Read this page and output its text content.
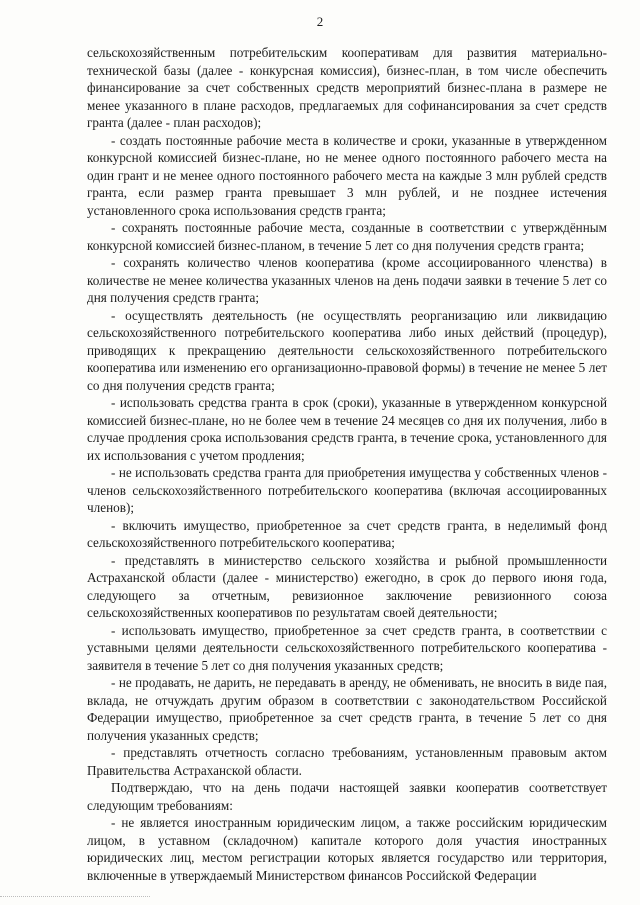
2

сельскохозяйственным потребительским кооперативам для развития материально-технической базы (далее - конкурсная комиссия), бизнес-план, в том числе обеспечить финансирование за счет собственных средств мероприятий бизнес-плана в размере не менее указанного в плане расходов, предлагаемых для софинансирования за счет средств гранта (далее - план расходов);

- создать постоянные рабочие места в количестве и сроки, указанные в утвержденном конкурсной комиссией бизнес-плане, но не менее одного постоянного рабочего места на один грант и не менее одного постоянного рабочего места на каждые 3 млн рублей средств гранта, если размер гранта превышает 3 млн рублей, и не позднее истечения установленного срока использования средств гранта;

- сохранять постоянные рабочие места, созданные в соответствии с утверждённым конкурсной комиссией бизнес-планом, в течение 5 лет со дня получения средств гранта;

- сохранять количество членов кооператива (кроме ассоциированного членства) в количестве не менее количества указанных членов на день подачи заявки в течение 5 лет со дня получения средств гранта;

- осуществлять деятельность (не осуществлять реорганизацию или ликвидацию сельскохозяйственного потребительского кооператива либо иных действий (процедур), приводящих к прекращению деятельности сельскохозяйственного потребительского кооператива или изменению его организационно-правовой формы) в течение не менее 5 лет со дня получения средств гранта;

- использовать средства гранта в срок (сроки), указанные в утвержденном конкурсной комиссией бизнес-плане, но не более чем в течение 24 месяцев со дня их получения, либо в случае продления срока использования средств гранта, в течение срока, установленного для их использования с учетом продления;

- не использовать средства гранта для приобретения имущества у собственных членов - членов сельскохозяйственного потребительского кооператива (включая ассоциированных членов);

- включить имущество, приобретенное за счет средств гранта, в неделимый фонд сельскохозяйственного потребительского кооператива;

- представлять в министерство сельского хозяйства и рыбной промышленности Астраханской области (далее - министерство) ежегодно, в срок до первого июня года, следующего за отчетным, ревизионное заключение ревизионного союза сельскохозяйственных кооперативов по результатам своей деятельности;

- использовать имущество, приобретенное за счет средств гранта, в соответствии с уставными целями деятельности сельскохозяйственного потребительского кооператива - заявителя в течение 5 лет со дня получения указанных средств;

- не продавать, не дарить, не передавать в аренду, не обменивать, не вносить в виде пая, вклада, не отчуждать другим образом в соответствии с законодательством Российской Федерации имущество, приобретенное за счет средств гранта, в течение 5 лет со дня получения указанных средств;

- представлять отчетность согласно требованиям, установленным правовым актом Правительства Астраханской области.

Подтверждаю, что на день подачи настоящей заявки кооператив соответствует следующим требованиям:

- не является иностранным юридическим лицом, а также российским юридическим лицом, в уставном (складочном) капитале которого доля участия иностранных юридических лиц, местом регистрации которых является государство или территория, включенные в утверждаемый Министерством финансов Российской Федерации
